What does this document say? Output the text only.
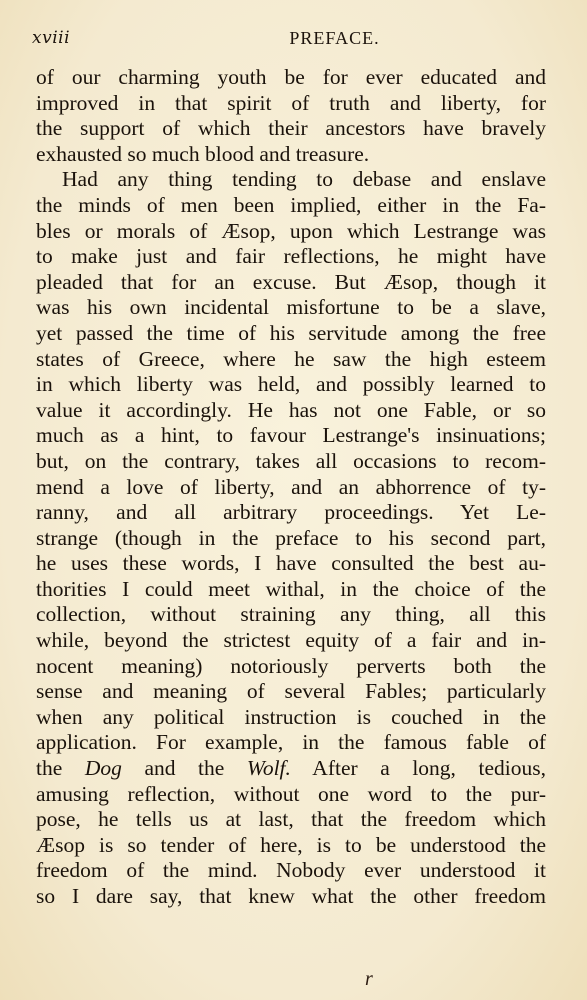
xviii	PREFACE.
of our charming youth be for ever educated and
improved in that spirit of truth and liberty, for
the support of which their ancestors have bravely
exhausted so much blood and treasure.
Had any thing tending to debase and enslave
the minds of men been implied, either in the Fa-
bles or morals of Æsop, upon which Lestrange was
to make just and fair reflections, he might have
pleaded that for an excuse. But Æsop, though it
was his own incidental misfortune to be a slave,
yet passed the time of his servitude among the free
states of Greece, where he saw the high esteem
in which liberty was held, and possibly learned to
value it accordingly. He has not one Fable, or so
much as a hint, to favour Lestrange's insinuations;
but, on the contrary, takes all occasions to recom-
mend a love of liberty, and an abhorrence of ty-
ranny, and all arbitrary proceedings. Yet Le-
strange (though in the preface to his second part,
he uses these words, I have consulted the best au-
thorities I could meet withal, in the choice of the
collection, without straining any thing, all this
while, beyond the strictest equity of a fair and in-
nocent meaning) notoriously perverts both the
sense and meaning of several Fables; particularly
when any political instruction is couched in the
application. For example, in the famous fable of
the Dog and the Wolf. After a long, tedious,
amusing reflection, without one word to the pur-
pose, he tells us at last, that the freedom which
Æsop is so tender of here, is to be understood the
freedom of the mind. Nobody ever understood it
so I dare say, that knew what the other freedom
r
